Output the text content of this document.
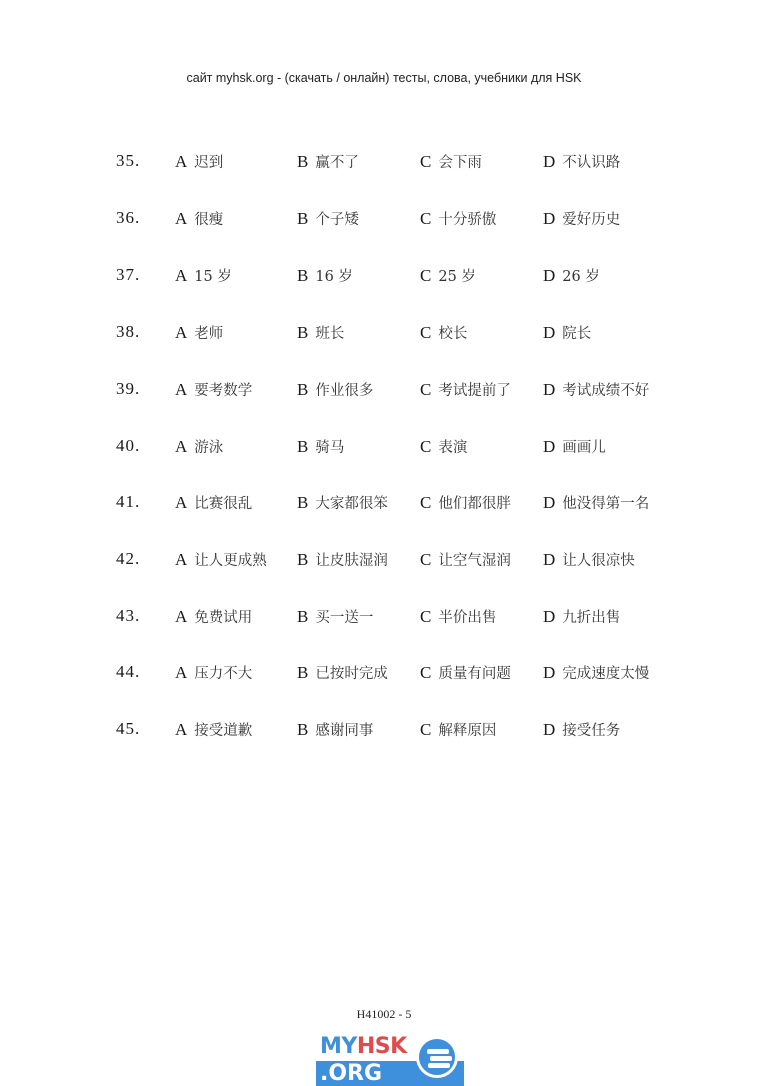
сайт myhsk.org - (скачать / онлайн) тесты, слова, учебники для HSK
35. A 迟到	B 赢不了	C 会下雨	D 不认识路
36. A 很瘦	B 个子矮	C 十分骄傲	D 爱好历史
37. A 15 岁	B 16 岁	C 25 岁	D 26 岁
38. A 老师	B 班长	C 校长	D 院长
39. A 要考数学	B 作业很多	C 考试提前了 D 考试成绩不好
40. A 游泳	B 骑马	C 表演	D 画画儿
41. A 比赛很乱	B 大家都很笨 C 他们都很胖 D 他没得第一名
42. A 让人更成熟 B 让皮肤湿润 C 让空气湿润 D 让人很凉快
43. A 免费试用	B 买一送一	C 半价出售	D 九折出售
44. A 压力不大	B 已按时完成 C 质量有问题 D 完成速度太慢
45. A 接受道歉	B 感谢同事	C 解释原因	D 接受任务
H41002 - 5
MYHSK
.ORG
